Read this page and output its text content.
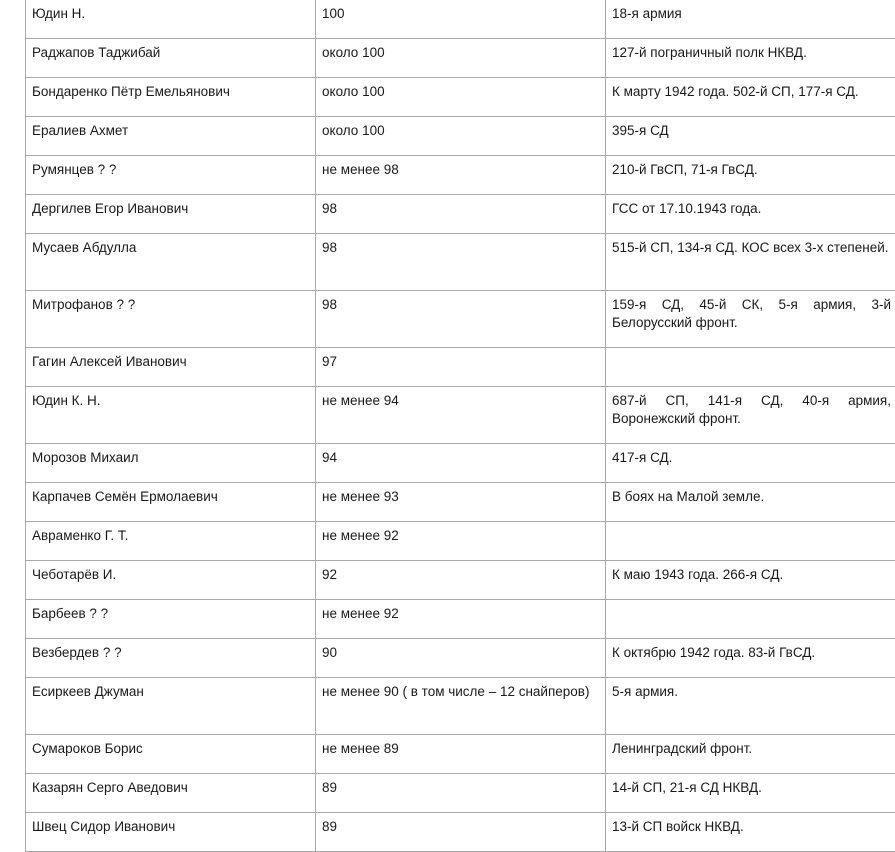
Юдин Н.	100	18-я армия
Раджапов Таджибай	около 100	127-й пограничный полк НКВД.
Бондаренко Пётр Емельянович	около 100	К марту 1942 года. 502-й СП, 177-я СД.
Ералиев Ахмет	около 100	395-я СД
Румянцев ? ?	не менее 98	210-й ГвСП, 71-я ГвСД.
Дергилев Егор Иванович	98	ГСС от 17.10.1943 года.
Мусаев Абдулла	98	515-й СП, 134-я СД. КОС всех 3-х степеней.
Митрофанов ? ?	98	159-я СД, 45-й СК, 5-я армия, 3-й Белорусский фронт.
Гагин Алексей Иванович	97	
Юдин К. Н.	не менее 94	687-й СП, 141-я СД, 40-я армия, Воронежский фронт.
Морозов Михаил	94	417-я СД.
Карпачев Семён Ермолаевич	не менее 93	В боях на Малой земле.
Авраменко Г. Т.	не менее 92	
Чеботарёв И.	92	К маю 1943 года. 266-я СД.
Барбеев ? ?	не менее 92	
Везбердев ? ?	90	К октябрю 1942 года. 83-й ГвСД.
Есиркеев Джуман	не менее 90 ( в том числе – 12 снайперов)	5-я армия.
Сумароков Борис	не менее 89	Ленинградский фронт.
Казарян Серго Аведович	89	14-й СП, 21-я СД НКВД.
Швец Сидор Иванович	89	13-й СП войск НКВД.
